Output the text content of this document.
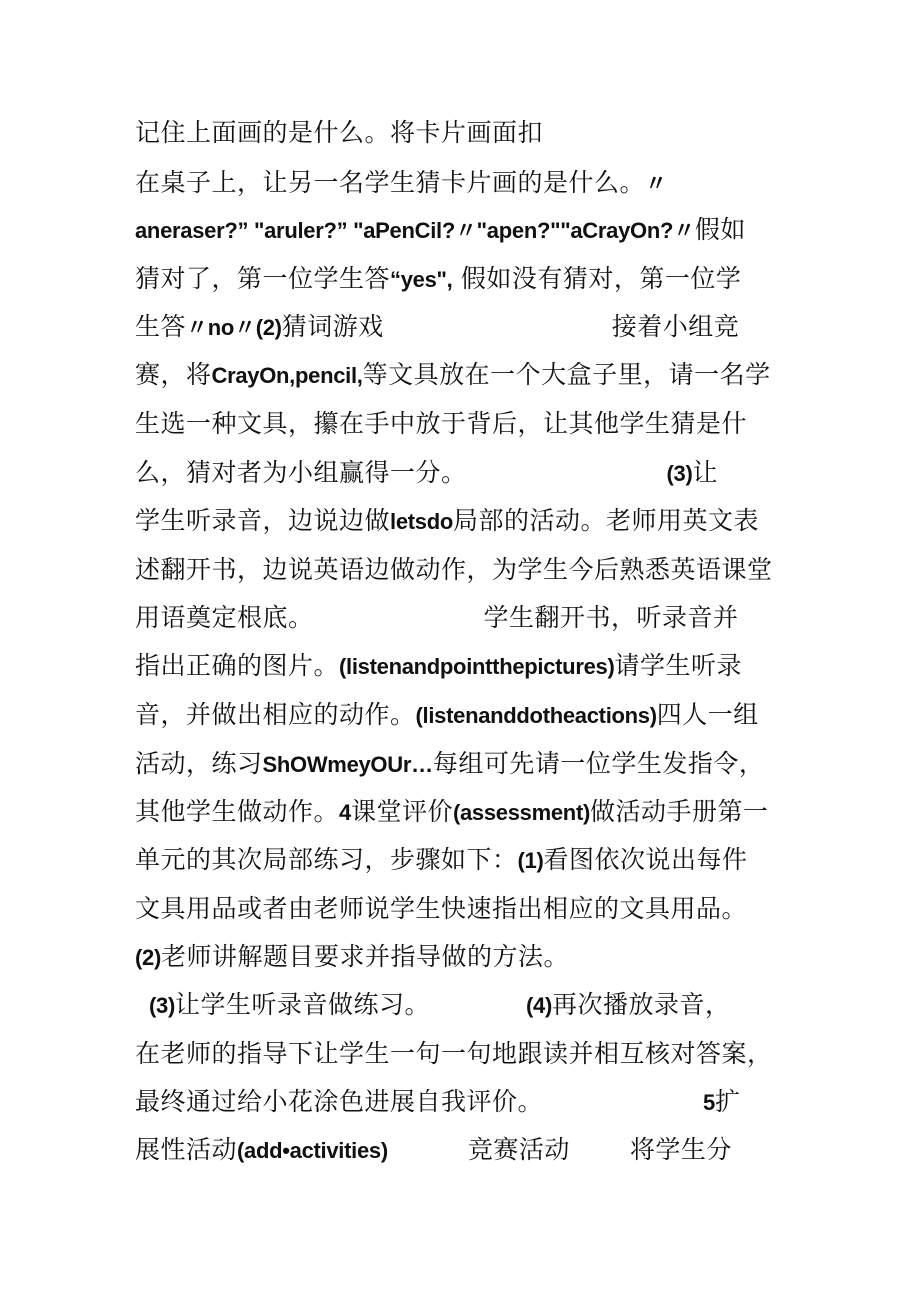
记住上面画的是什么。将卡片画面扣
在桌子上，让另一名学生猜卡片画的是什么。〃
aneraser?” "aruler?” "aPenCil?〃"apen?""aCrayOn?〃假如
猜对了，第一位学生答“yes", 假如没有猜对，第一位学
生答〃no〃(2)猜词游戏	接着小组竞
赛，将CrayOn,pencil,等文具放在一个大盒子里，请一名学
生选一种文具，攥在手中放于背后，让其他学生猜是什
么，猜对者为小组赢得一分。	(3)让
学生听录音，边说边做letsdo局部的活动。老师用英文表
述翻开书，边说英语边做动作，为学生今后熟悉英语课堂
用语奠定根底。	学生翻开书，听录音并
指出正确的图片。(listenandpointthepictures)请学生听录
音，并做出相应的动作。(listenanddotheactions)四人一组
活动，练习ShOWmeyOUr…每组可先请一位学生发指令，
其他学生做动作。4课堂评价(assessment)做活动手册第一
单元的其次局部练习，步骤如下：(1)看图依次说出每件
文具用品或者由老师说学生快速指出相应的文具用品。
(2)老师讲解题目要求并指导做的方法。
(3)让学生听录音做练习。	(4)再次播放录音，
在老师的指导下让学生一句一句地跟读并相互核对答案，
最终通过给小花涂色进展自我评价。	5扩
展性活动(add•activities)	竞赛活动 将学生分
